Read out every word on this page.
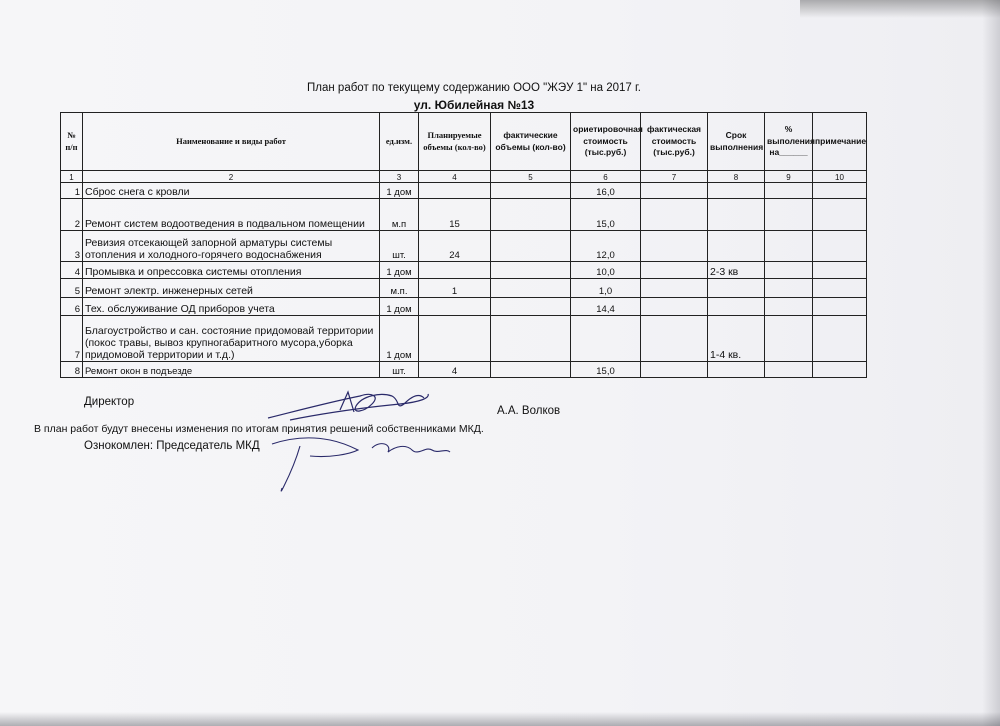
План работ по текущему содержанию ООО "ЖЭУ 1" на 2017 г.
ул. Юбилейная №13
№ п/п	Наименование и виды работ	ед.изм.	Планируемые объемы (кол-во)	фактические объемы (кол-во)	ориетировочная стоимость (тыс.руб.)	фактическая стоимость (тыс.руб.)	Срок выполнения	% выполения на______	примечание
1	2	3	4	5	6	7	8	9	10
1	Сброс снега с кровли	1 дом			16,0				
2	Ремонт систем водоотведения в подвальном помещении	м.п	15		15,0				
3	Ревизия отсекающей запорной арматуры системы отопления и холодного-горячего водоснабжения	шт.	24		12,0				
4	Промывка и опрессовка системы отопления	1 дом			10,0		2-3 кв		
5	Ремонт электр. инженерных сетей	м.п.	1		1,0				
6	Тех. обслуживание ОД приборов учета	1 дом			14,4				
7	Благоустройство и сан. состояние придомовай территории (покос травы, вывоз крупногабаритного мусора,уборка придомовой территории и т.д.)	1 дом					1-4 кв.		
8	Ремонт окон в подъезде	шт.	4		15,0				
Директор
А.А. Волков
В план работ будут внесены изменения по итогам принятия решений собственниками МКД.
Ознокомлен: Председатель МКД
